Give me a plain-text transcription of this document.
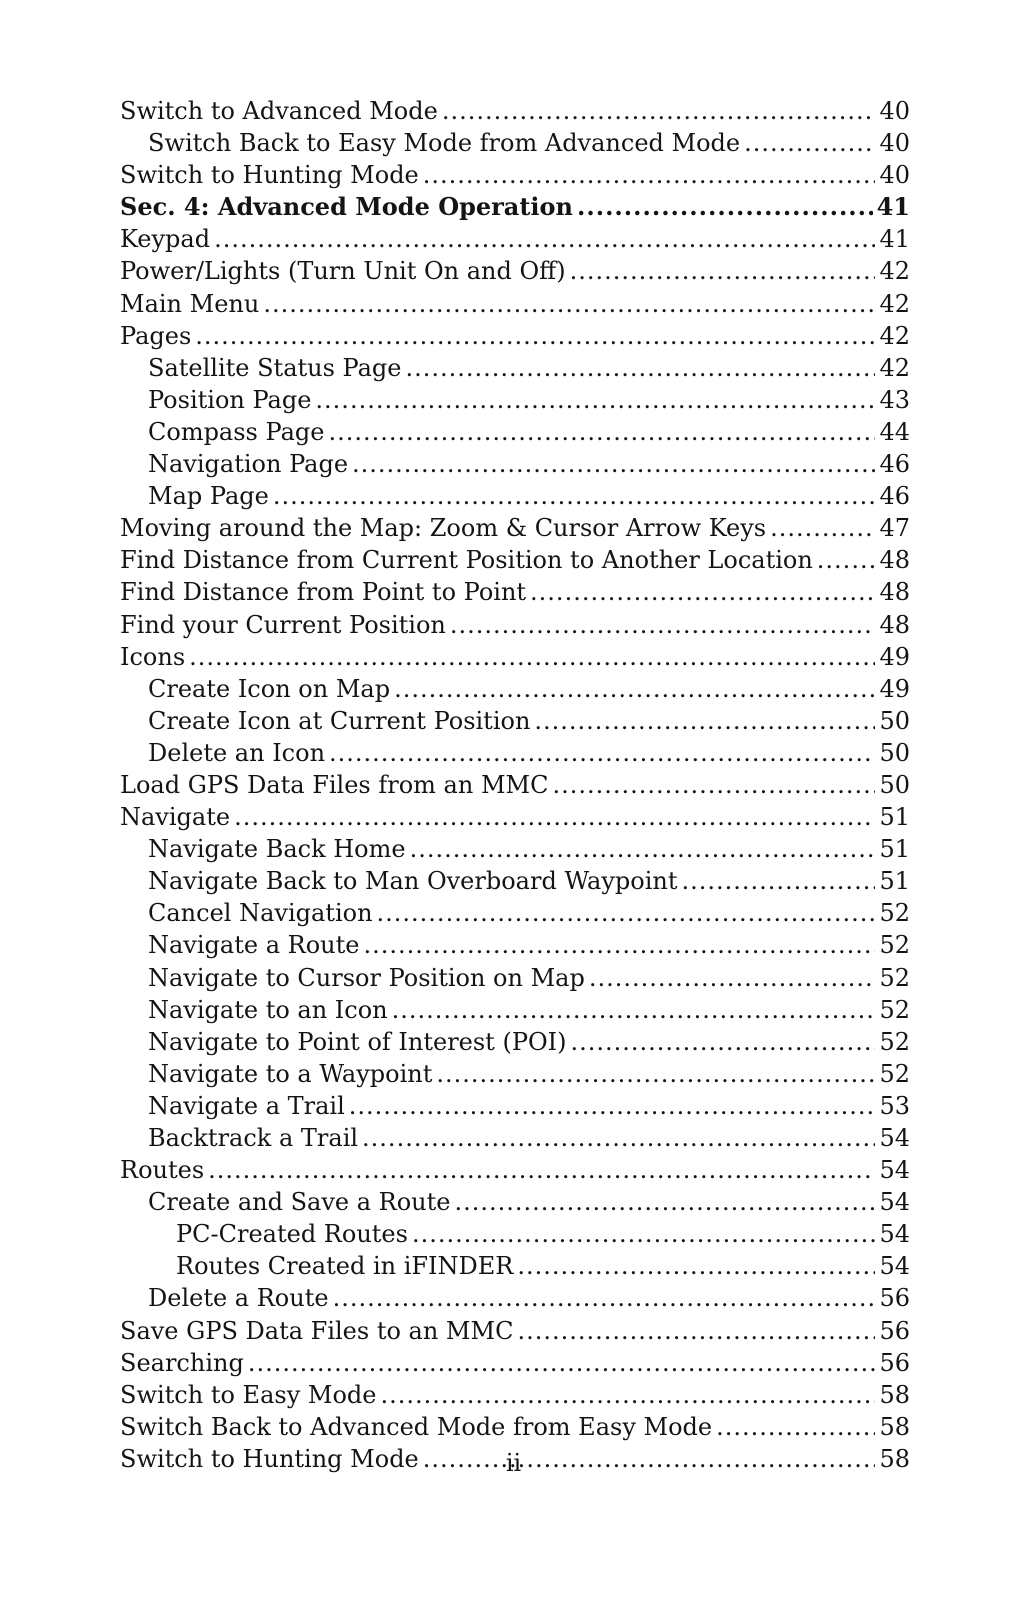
Switch to Advanced Mode .....	40
Switch Back to Easy Mode from Advanced Mode .....	40
Switch to Hunting Mode .....	40
Sec. 4: Advanced Mode Operation .....	41
Keypad .....	41
Power/Lights (Turn Unit On and Off) .....	42
Main Menu .....	42
Pages .....	42
Satellite Status Page .....	42
Position Page .....	43
Compass Page .....	44
Navigation Page .....	46
Map Page .....	46
Moving around the Map: Zoom & Cursor Arrow Keys .....	47
Find Distance from Current Position to Another Location .....	48
Find Distance from Point to Point .....	48
Find your Current Position .....	48
Icons .....	49
Create Icon on Map .....	49
Create Icon at Current Position .....	50
Delete an Icon .....	50
Load GPS Data Files from an MMC .....	50
Navigate .....	51
Navigate Back Home .....	51
Navigate Back to Man Overboard Waypoint .....	51
Cancel Navigation .....	52
Navigate a Route .....	52
Navigate to Cursor Position on Map .....	52
Navigate to an Icon .....	52
Navigate to Point of Interest (POI) .....	52
Navigate to a Waypoint .....	52
Navigate a Trail .....	53
Backtrack a Trail .....	54
Routes .....	54
Create and Save a Route .....	54
PC-Created Routes .....	54
Routes Created in iFINDER .....	54
Delete a Route .....	56
Save GPS Data Files to an MMC .....	56
Searching .....	56
Switch to Easy Mode .....	58
Switch Back to Advanced Mode from Easy Mode .....	58
Switch to Hunting Mode .....	58
ii
